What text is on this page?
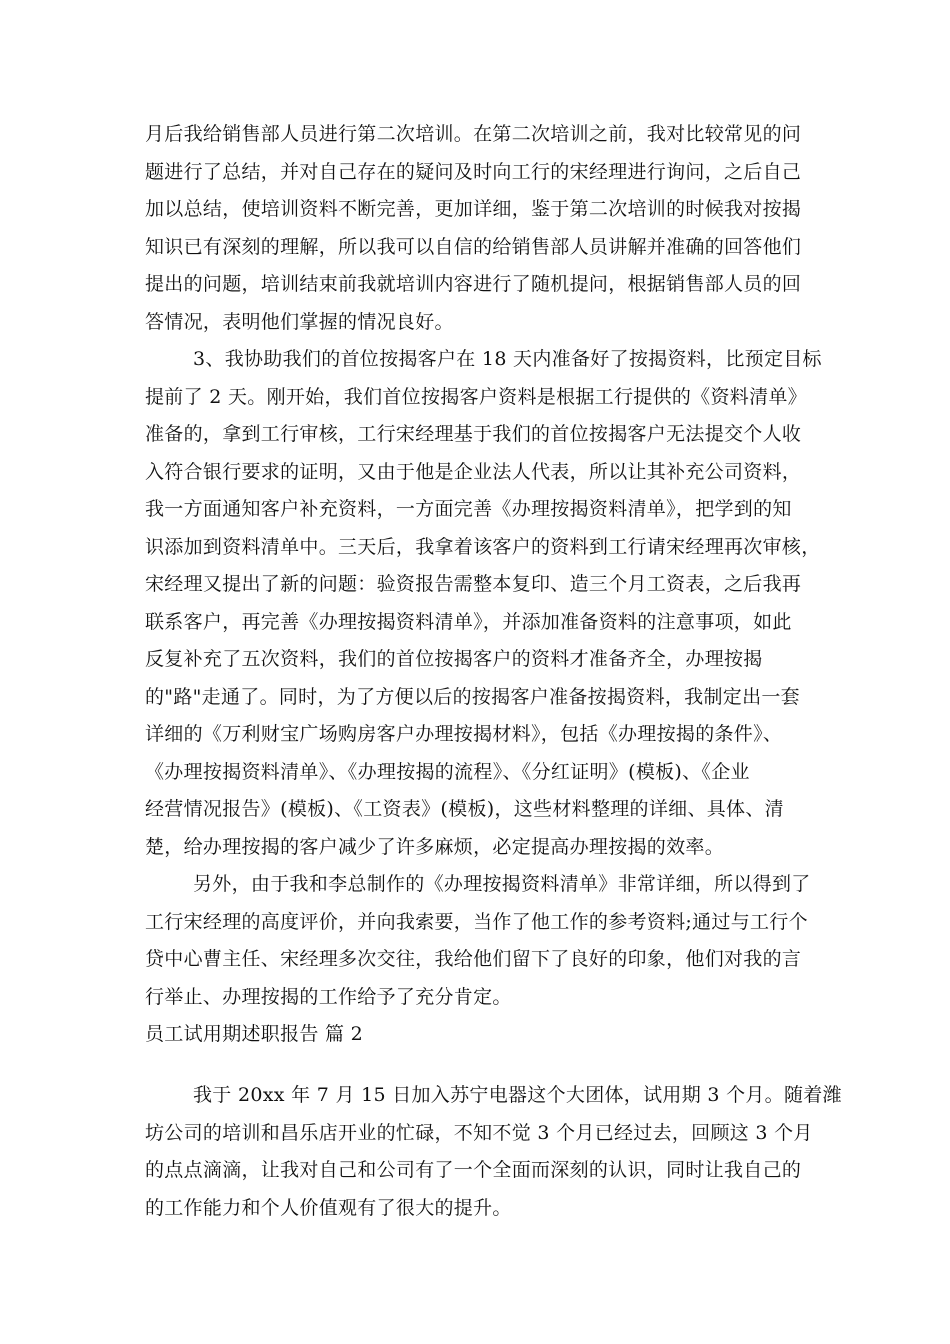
月后我给销售部人员进行第二次培训。在第二次培训之前，我对比较常见的问
题进行了总结，并对自己存在的疑问及时向工行的宋经理进行询问，之后自己
加以总结，使培训资料不断完善，更加详细，鉴于第二次培训的时候我对按揭
知识已有深刻的理解，所以我可以自信的给销售部人员讲解并准确的回答他们
提出的问题，培训结束前我就培训内容进行了随机提问，根据销售部人员的回
答情况，表明他们掌握的情况良好。
3、我协助我们的首位按揭客户在 18 天内准备好了按揭资料，比预定目标
提前了 2 天。刚开始，我们首位按揭客户资料是根据工行提供的《资料清单》
准备的，拿到工行审核，工行宋经理基于我们的首位按揭客户无法提交个人收
入符合银行要求的证明，又由于他是企业法人代表，所以让其补充公司资料，
我一方面通知客户补充资料，一方面完善《办理按揭资料清单》，把学到的知
识添加到资料清单中。三天后，我拿着该客户的资料到工行请宋经理再次审核，
宋经理又提出了新的问题：验资报告需整本复印、造三个月工资表，之后我再
联系客户，再完善《办理按揭资料清单》，并添加准备资料的注意事项，如此
反复补充了五次资料，我们的首位按揭客户的资料才准备齐全，办理按揭
的"路"走通了。同时，为了方便以后的按揭客户准备按揭资料，我制定出一套
详细的《万利财宝广场购房客户办理按揭材料》，包括《办理按揭的条件》、
《办理按揭资料清单》、《办理按揭的流程》、《分红证明》(模板)、《企业
经营情况报告》(模板)、《工资表》(模板)，这些材料整理的详细、具体、清
楚，给办理按揭的客户减少了许多麻烦，必定提高办理按揭的效率。
另外，由于我和李总制作的《办理按揭资料清单》非常详细，所以得到了
工行宋经理的高度评价，并向我索要，当作了他工作的参考资料;通过与工行个
贷中心曹主任、宋经理多次交往，我给他们留下了良好的印象，他们对我的言
行举止、办理按揭的工作给予了充分肯定。
员工试用期述职报告 篇 2
我于 20xx 年 7 月 15 日加入苏宁电器这个大团体，试用期 3 个月。随着潍
坊公司的培训和昌乐店开业的忙碌，不知不觉 3 个月已经过去，回顾这 3 个月
的点点滴滴，让我对自己和公司有了一个全面而深刻的认识，同时让我自己的
的工作能力和个人价值观有了很大的提升。
